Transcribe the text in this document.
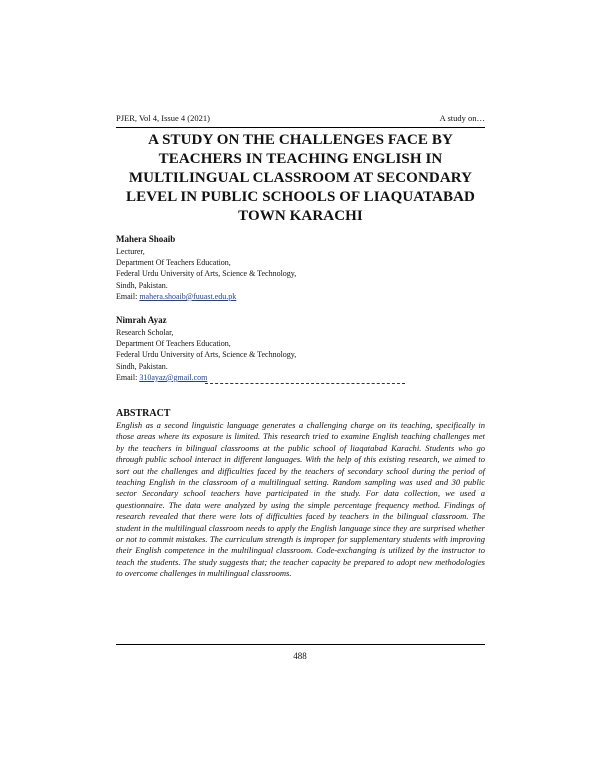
PJER, Vol 4, Issue 4 (2021)	A study on…
A STUDY ON THE CHALLENGES FACE BY TEACHERS IN TEACHING ENGLISH IN MULTILINGUAL CLASSROOM AT SECONDARY LEVEL IN PUBLIC SCHOOLS OF LIAQUATABAD TOWN KARACHI
Mahera Shoaib
Lecturer,
Department Of Teachers Education,
Federal Urdu University of Arts, Science & Technology,
Sindh, Pakistan.
Email: mahera.shoaib@fuuast.edu.pk
Nimrah Ayaz
Research Scholar,
Department Of Teachers Education,
Federal Urdu University of Arts, Science & Technology,
Sindh, Pakistan.
Email: 310ayaz@gmail.com
ABSTRACT
English as a second linguistic language generates a challenging charge on its teaching, specifically in those areas where its exposure is limited. This research tried to examine English teaching challenges met by the teachers in bilingual classrooms at the public school of liaqatabad Karachi. Students who go through public school interact in different languages. With the help of this existing research, we aimed to sort out the challenges and difficulties faced by the teachers of secondary school during the period of teaching English in the classroom of a multilingual setting. Random sampling was used and 30 public sector Secondary school teachers have participated in the study. For data collection, we used a questionnaire. The data were analyzed by using the simple percentage frequency method. Findings of research revealed that there were lots of difficulties faced by teachers in the bilingual classroom. The student in the multilingual classroom needs to apply the English language since they are surprised whether or not to commit mistakes. The curriculum strength is improper for supplementary students with improving their English competence in the multilingual classroom. Code-exchanging is utilized by the instructor to teach the students. The study suggests that; the teacher capacity be prepared to adopt new methodologies to overcome challenges in multilingual classrooms.
488
